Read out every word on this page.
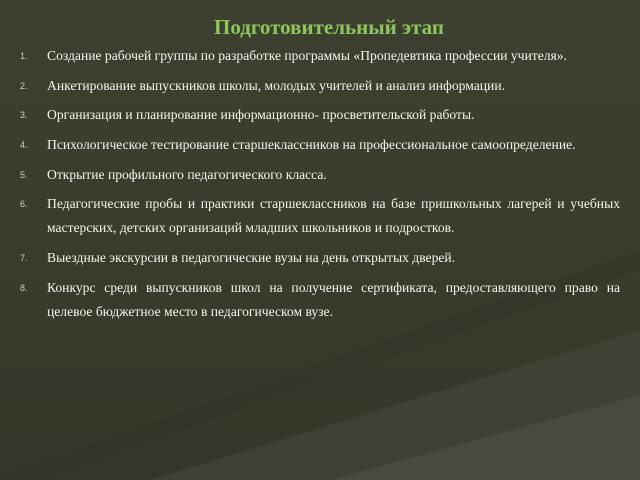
Подготовительный этап
1. Создание рабочей группы по разработке программы «Пропедевтика профессии учителя».
2. Анкетирование выпускников школы, молодых учителей и анализ информации.
3. Организация и планирование информационно- просветительской работы.
4. Психологическое тестирование старшеклассников на профессиональное самоопределение.
5. Открытие профильного педагогического класса.
6. Педагогические пробы и практики старшеклассников на базе пришкольных лагерей и учебных мастерских, детских организаций младших школьников и подростков.
7. Выездные экскурсии в педагогические вузы на день открытых дверей.
8. Конкурс среди выпускников школ на получение сертификата, предоставляющего право на целевое бюджетное место в педагогическом вузе.
